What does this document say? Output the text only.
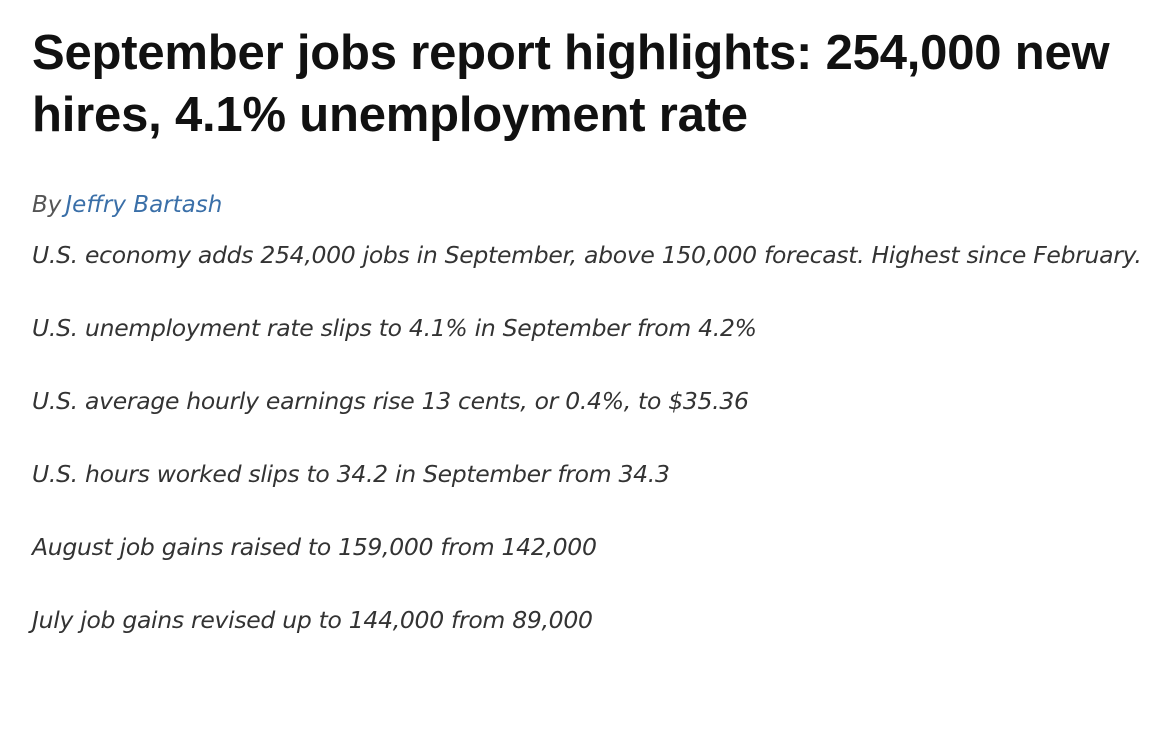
September jobs report highlights: 254,000 new hires, 4.1% unemployment rate
By Jeffry Bartash
U.S. economy adds 254,000 jobs in September, above 150,000 forecast. Highest since February.
U.S. unemployment rate slips to 4.1% in September from 4.2%
U.S. average hourly earnings rise 13 cents, or 0.4%, to $35.36
U.S. hours worked slips to 34.2 in September from 34.3
August job gains raised to 159,000 from 142,000
July job gains revised up to 144,000 from 89,000
